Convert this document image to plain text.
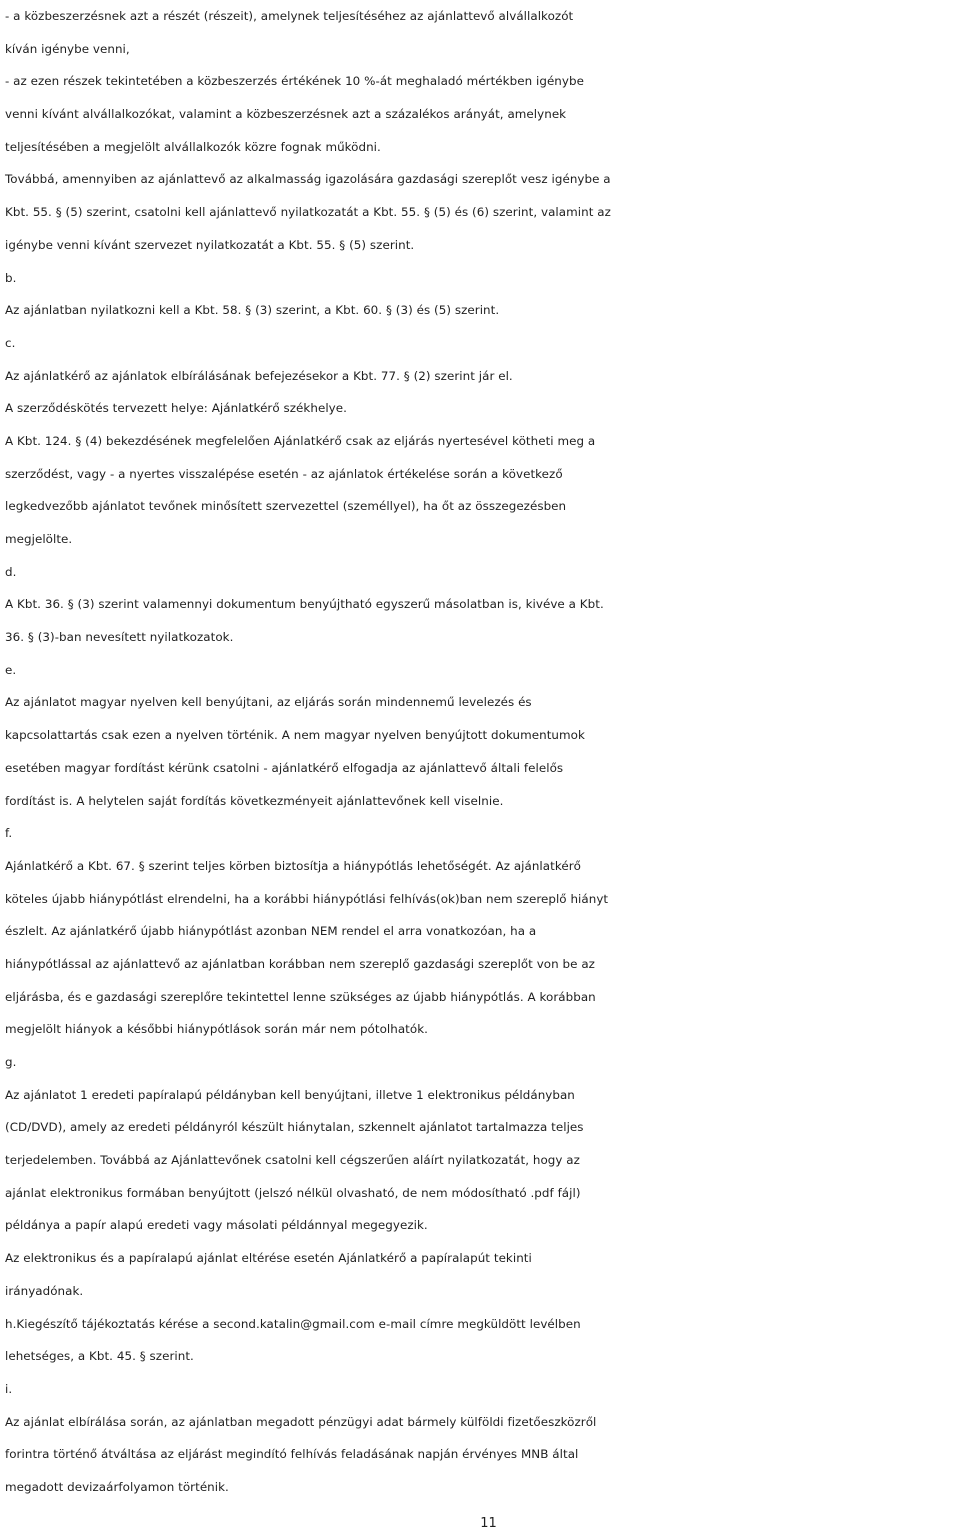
- a közbeszerzésnek azt a részét (részeit), amelynek teljesítéséhez az ajánlattevő alvállalkozót
kíván igénybe venni,
- az ezen részek tekintetében a közbeszerzés értékének 10 %-át meghaladó mértékben igénybe
venni kívánt alvállalkozókat, valamint a közbeszerzésnek azt a százalékos arányát, amelynek
teljesítésében a megjelölt alvállalkozók közre fognak működni.
Továbbá, amennyiben az ajánlattevő az alkalmasság igazolására gazdasági szereplőt vesz igénybe a
Kbt. 55. § (5) szerint, csatolni kell ajánlattevő nyilatkozatát a Kbt. 55. § (5) és (6) szerint, valamint az
igénybe venni kívánt szervezet nyilatkozatát a Kbt. 55. § (5) szerint.
b.
Az ajánlatban nyilatkozni kell a Kbt. 58. § (3) szerint, a Kbt. 60. § (3) és (5) szerint.
c.
Az ajánlatkérő az ajánlatok elbírálásának befejezésekor a Kbt. 77. § (2) szerint jár el.
A szerződéskötés tervezett helye: Ajánlatkérő székhelye.
A Kbt. 124. § (4) bekezdésének megfelelően Ajánlatkérő csak az eljárás nyertesével kötheti meg a
szerződést, vagy - a nyertes visszalépése esetén - az ajánlatok értékelése során a következő
legkedvezőbb ajánlatot tevőnek minősített szervezettel (személlyel), ha őt az összegezésben
megjelölte.
d.
A Kbt. 36. § (3) szerint valamennyi dokumentum benyújtható egyszerű másolatban is, kivéve a Kbt.
36. § (3)-ban nevesített nyilatkozatok.
e.
Az ajánlatot magyar nyelven kell benyújtani, az eljárás során mindennemű levelezés és
kapcsolattartás csak ezen a nyelven történik. A nem magyar nyelven benyújtott dokumentumok
esetében magyar fordítást kérünk csatolni - ajánlatkérő elfogadja az ajánlattevő általi felelős
fordítást is. A helytelen saját fordítás következményeit ajánlattevőnek kell viselnie.
f.
Ajánlatkérő a Kbt. 67. § szerint teljes körben biztosítja a hiánypótlás lehetőségét. Az ajánlatkérő
köteles újabb hiánypótlást elrendelni, ha a korábbi hiánypótlási felhívás(ok)ban nem szereplő hiányt
észlelt. Az ajánlatkérő újabb hiánypótlást azonban NEM rendel el arra vonatkozóan, ha a
hiánypótlással az ajánlattevő az ajánlatban korábban nem szereplő gazdasági szereplőt von be az
eljárásba, és e gazdasági szereplőre tekintettel lenne szükséges az újabb hiánypótlás. A korábban
megjelölt hiányok a későbbi hiánypótlások során már nem pótolhatók.
g.
Az ajánlatot 1 eredeti papíralapú példányban kell benyújtani, illetve 1 elektronikus példányban
(CD/DVD), amely az eredeti példányról készült hiánytalan, szkennelt ajánlatot tartalmazza teljes
terjedelemben. Továbbá az Ajánlattevőnek csatolni kell cégszerűen aláírt nyilatkozatát, hogy az
ajánlat elektronikus formában benyújtott (jelszó nélkül olvasható, de nem módosítható .pdf fájl)
példánya a papír alapú eredeti vagy másolati példánnyal megegyezik.
Az elektronikus és a papíralapú ajánlat eltérése esetén Ajánlatkérő a papíralapút tekinti
irányadónak.
h.Kiegészítő tájékoztatás kérése a second.katalin@gmail.com e-mail címre megküldött levélben
lehetséges, a Kbt. 45. § szerint.
i.
Az ajánlat elbírálása során, az ajánlatban megadott pénzügyi adat bármely külföldi fizetőeszközről
forintra történő átváltása az eljárást megindító felhívás feladásának napján érvényes MNB által
megadott devizaárfolyamon történik.
11
